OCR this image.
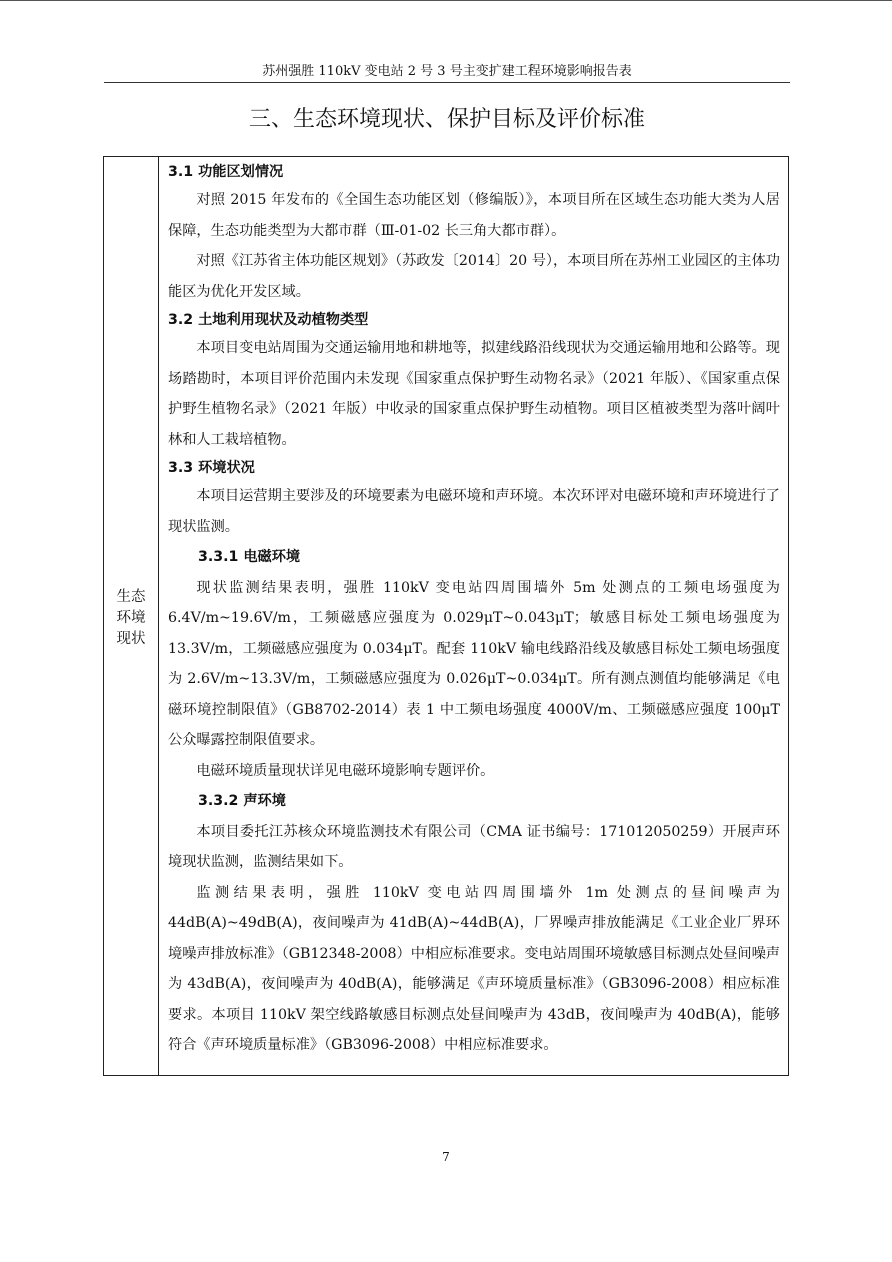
苏州强胜 110kV 变电站 2 号 3 号主变扩建工程环境影响报告表
三、生态环境现状、保护目标及评价标准
生态
环境
现状
3.1 功能区划情况

对照 2015 年发布的《全国生态功能区划（修编版）》，本项目所在区域生态功能大类为人居保障，生态功能类型为大都市群（Ⅲ-01-02 长三角大都市群）。

对照《江苏省主体功能区规划》（苏政发〔2014〕20 号），本项目所在苏州工业园区的主体功能区为优化开发区域。

3.2 土地利用现状及动植物类型

本项目变电站周围为交通运输用地和耕地等，拟建线路沿线现状为交通运输用地和公路等。现场踏勘时，本项目评价范围内未发现《国家重点保护野生动物名录》（2021 年版）、《国家重点保护野生植物名录》（2021 年版）中收录的国家重点保护野生动植物。项目区植被类型为落叶阔叶林和人工栽培植物。

3.3 环境状况

本项目运营期主要涉及的环境要素为电磁环境和声环境。本次环评对电磁环境和声环境进行了现状监测。

3.3.1 电磁环境

现状监测结果表明，强胜 110kV 变电站四周围墙外 5m 处测点的工频电场强度为 6.4V/m~19.6V/m，工频磁感应强度为 0.029μT~0.043μT；敏感目标处工频电场强度为 13.3V/m，工频磁感应强度为 0.034μT。配套 110kV 输电线路沿线及敏感目标处工频电场强度为 2.6V/m~13.3V/m，工频磁感应强度为 0.026μT~0.034μT。所有测点测值均能够满足《电磁环境控制限值》（GB8702-2014）表 1 中工频电场强度 4000V/m、工频磁感应强度 100μT 公众曝露控制限值要求。

电磁环境质量现状详见电磁环境影响专题评价。

3.3.2 声环境

本项目委托江苏核众环境监测技术有限公司（CMA 证书编号：171012050259）开展声环境现状监测，监测结果如下。

监测结果表明，强胜 110kV 变电站四周围墙外 1m 处测点的昼间噪声为 44dB(A)~49dB(A)，夜间噪声为 41dB(A)~44dB(A)，厂界噪声排放能满足《工业企业厂界环境噪声排放标准》（GB12348-2008）中相应标准要求。变电站周围环境敏感目标测点处昼间噪声为 43dB(A)，夜间噪声为 40dB(A)，能够满足《声环境质量标准》（GB3096-2008）相应标准要求。本项目 110kV 架空线路敏感目标测点处昼间噪声为 43dB，夜间噪声为 40dB(A)，能够符合《声环境质量标准》（GB3096-2008）中相应标准要求。

7
